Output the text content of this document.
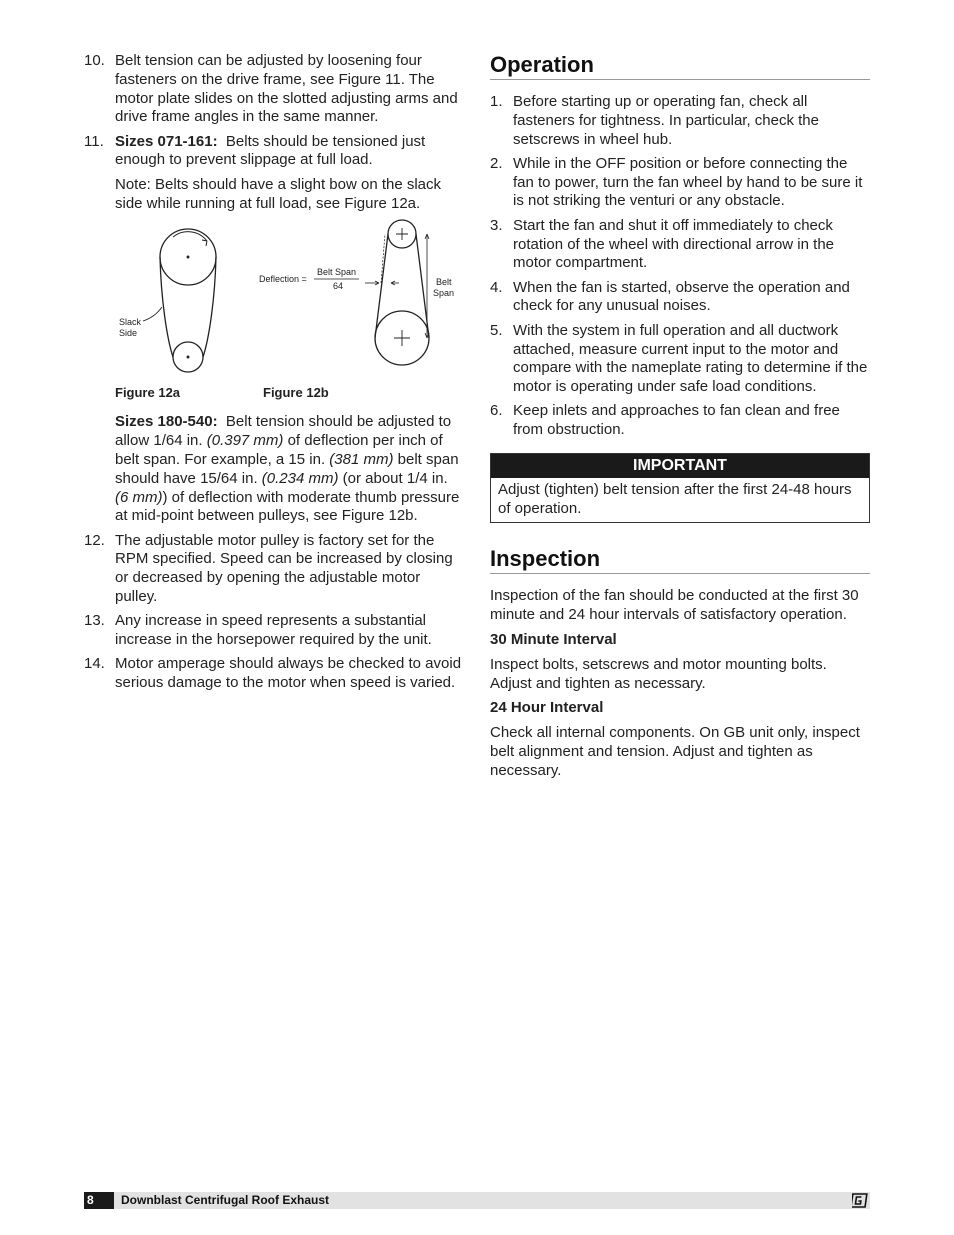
10. Belt tension can be adjusted by loosening four fasteners on the drive frame, see Figure 11. The motor plate slides on the slotted adjusting arms and drive frame angles in the same manner.
11. Sizes 071-161: Belts should be tensioned just enough to prevent slippage at full load.

Note: Belts should have a slight bow on the slack side while running at full load, see Figure 12a.

Slack
Side
Deflection =
Belt Span
64	Belt
Span
Figure 12a	Figure 12b

Sizes 180-540: Belt tension should be adjusted to allow 1/64 in. (0.397 mm) of deflection per inch of belt span. For example, a 15 in. (381 mm) belt span should have 15/64 in. (0.234 mm) (or about 1/4 in. (6 mm)) of deflection with moderate thumb pressure at mid-point between pulleys, see Figure 12b.

12. The adjustable motor pulley is factory set for the RPM specified. Speed can be increased by closing or decreased by opening the adjustable motor pulley.
13. Any increase in speed represents a substantial increase in the horsepower required by the unit.
14. Motor amperage should always be checked to avoid serious damage to the motor when speed is varied.
Operation
1. Before starting up or operating fan, check all fasteners for tightness. In particular, check the setscrews in wheel hub.
2. While in the OFF position or before connecting the fan to power, turn the fan wheel by hand to be sure it is not striking the venturi or any obstacle.
3. Start the fan and shut it off immediately to check rotation of the wheel with directional arrow in the motor compartment.
4. When the fan is started, observe the operation and check for any unusual noises.
5. With the system in full operation and all ductwork attached, measure current input to the motor and compare with the nameplate rating to determine if the motor is operating under safe load conditions.
6. Keep inlets and approaches to fan clean and free from obstruction.
IMPORTANT
Adjust (tighten) belt tension after the first 24-48 hours of operation.
Inspection

Inspection of the fan should be conducted at the first 30 minute and 24 hour intervals of satisfactory operation.

30 Minute Interval

Inspect bolts, setscrews and motor mounting bolts. Adjust and tighten as necessary.

24 Hour Interval

Check all internal components. On GB unit only, inspect belt alignment and tension. Adjust and tighten as necessary.

8	Downblast Centrifugal Roof Exhaust
